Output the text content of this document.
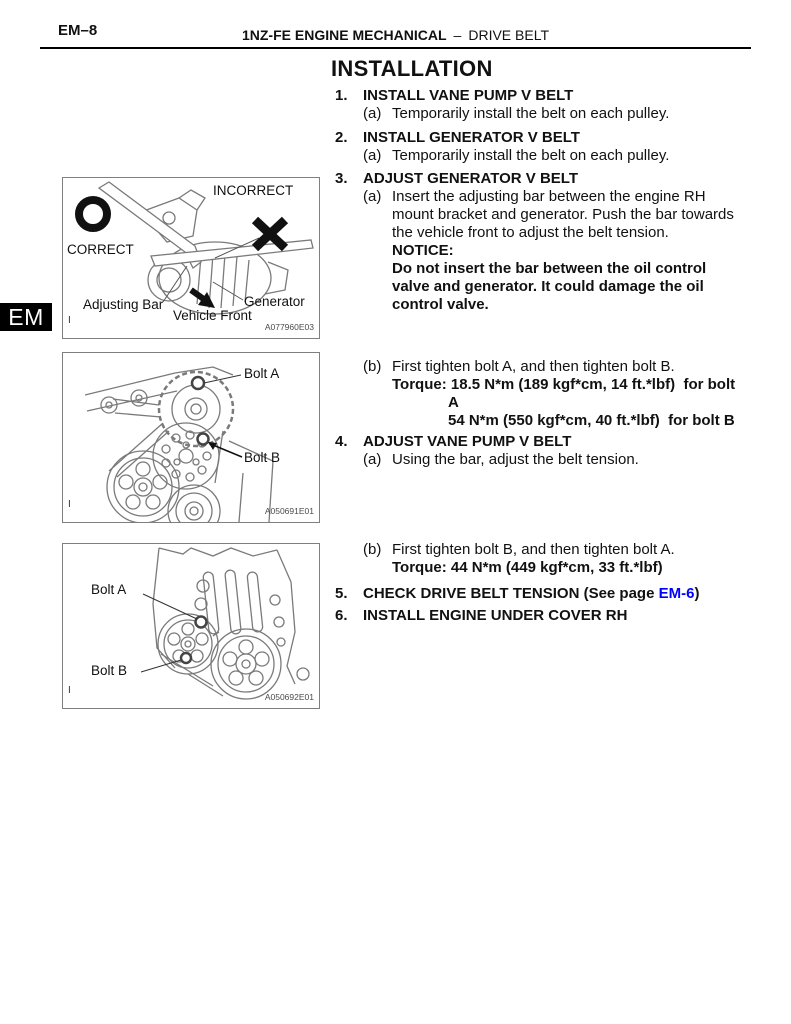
EM–8	1NZ-FE ENGINE MECHANICAL – DRIVE BELT
EM
INCORRECT
CORRECT
Adjusting Bar
Vehicle Front
Generator
I
A077960E03
Bolt A
Bolt B
I
A050691E01
Bolt A
Bolt B
I
A050692E01
INSTALLATION
1.	INSTALL VANE PUMP V BELT
(a) Temporarily install the belt on each pulley.
2.	INSTALL GENERATOR V BELT
(a) Temporarily install the belt on each pulley.
3.	ADJUST GENERATOR V BELT
(a) Insert the adjusting bar between the engine RH
mount bracket and generator. Push the bar towards
the vehicle front to adjust the belt tension.
NOTICE:
Do not insert the bar between the oil control
valve and generator. It could damage the oil
control valve.
(b) First tighten bolt A, and then tighten bolt B.
Torque: 18.5 N*m (189 kgf*cm, 14 ft.*lbf)  for bolt
A
54 N*m (550 kgf*cm, 40 ft.*lbf)  for bolt B
4.	ADJUST VANE PUMP V BELT
(a) Using the bar, adjust the belt tension.
(b) First tighten bolt B, and then tighten bolt A.
Torque: 44 N*m (449 kgf*cm, 33 ft.*lbf)
5.	CHECK DRIVE BELT TENSION (See page EM-6)
6.	INSTALL ENGINE UNDER COVER RH
